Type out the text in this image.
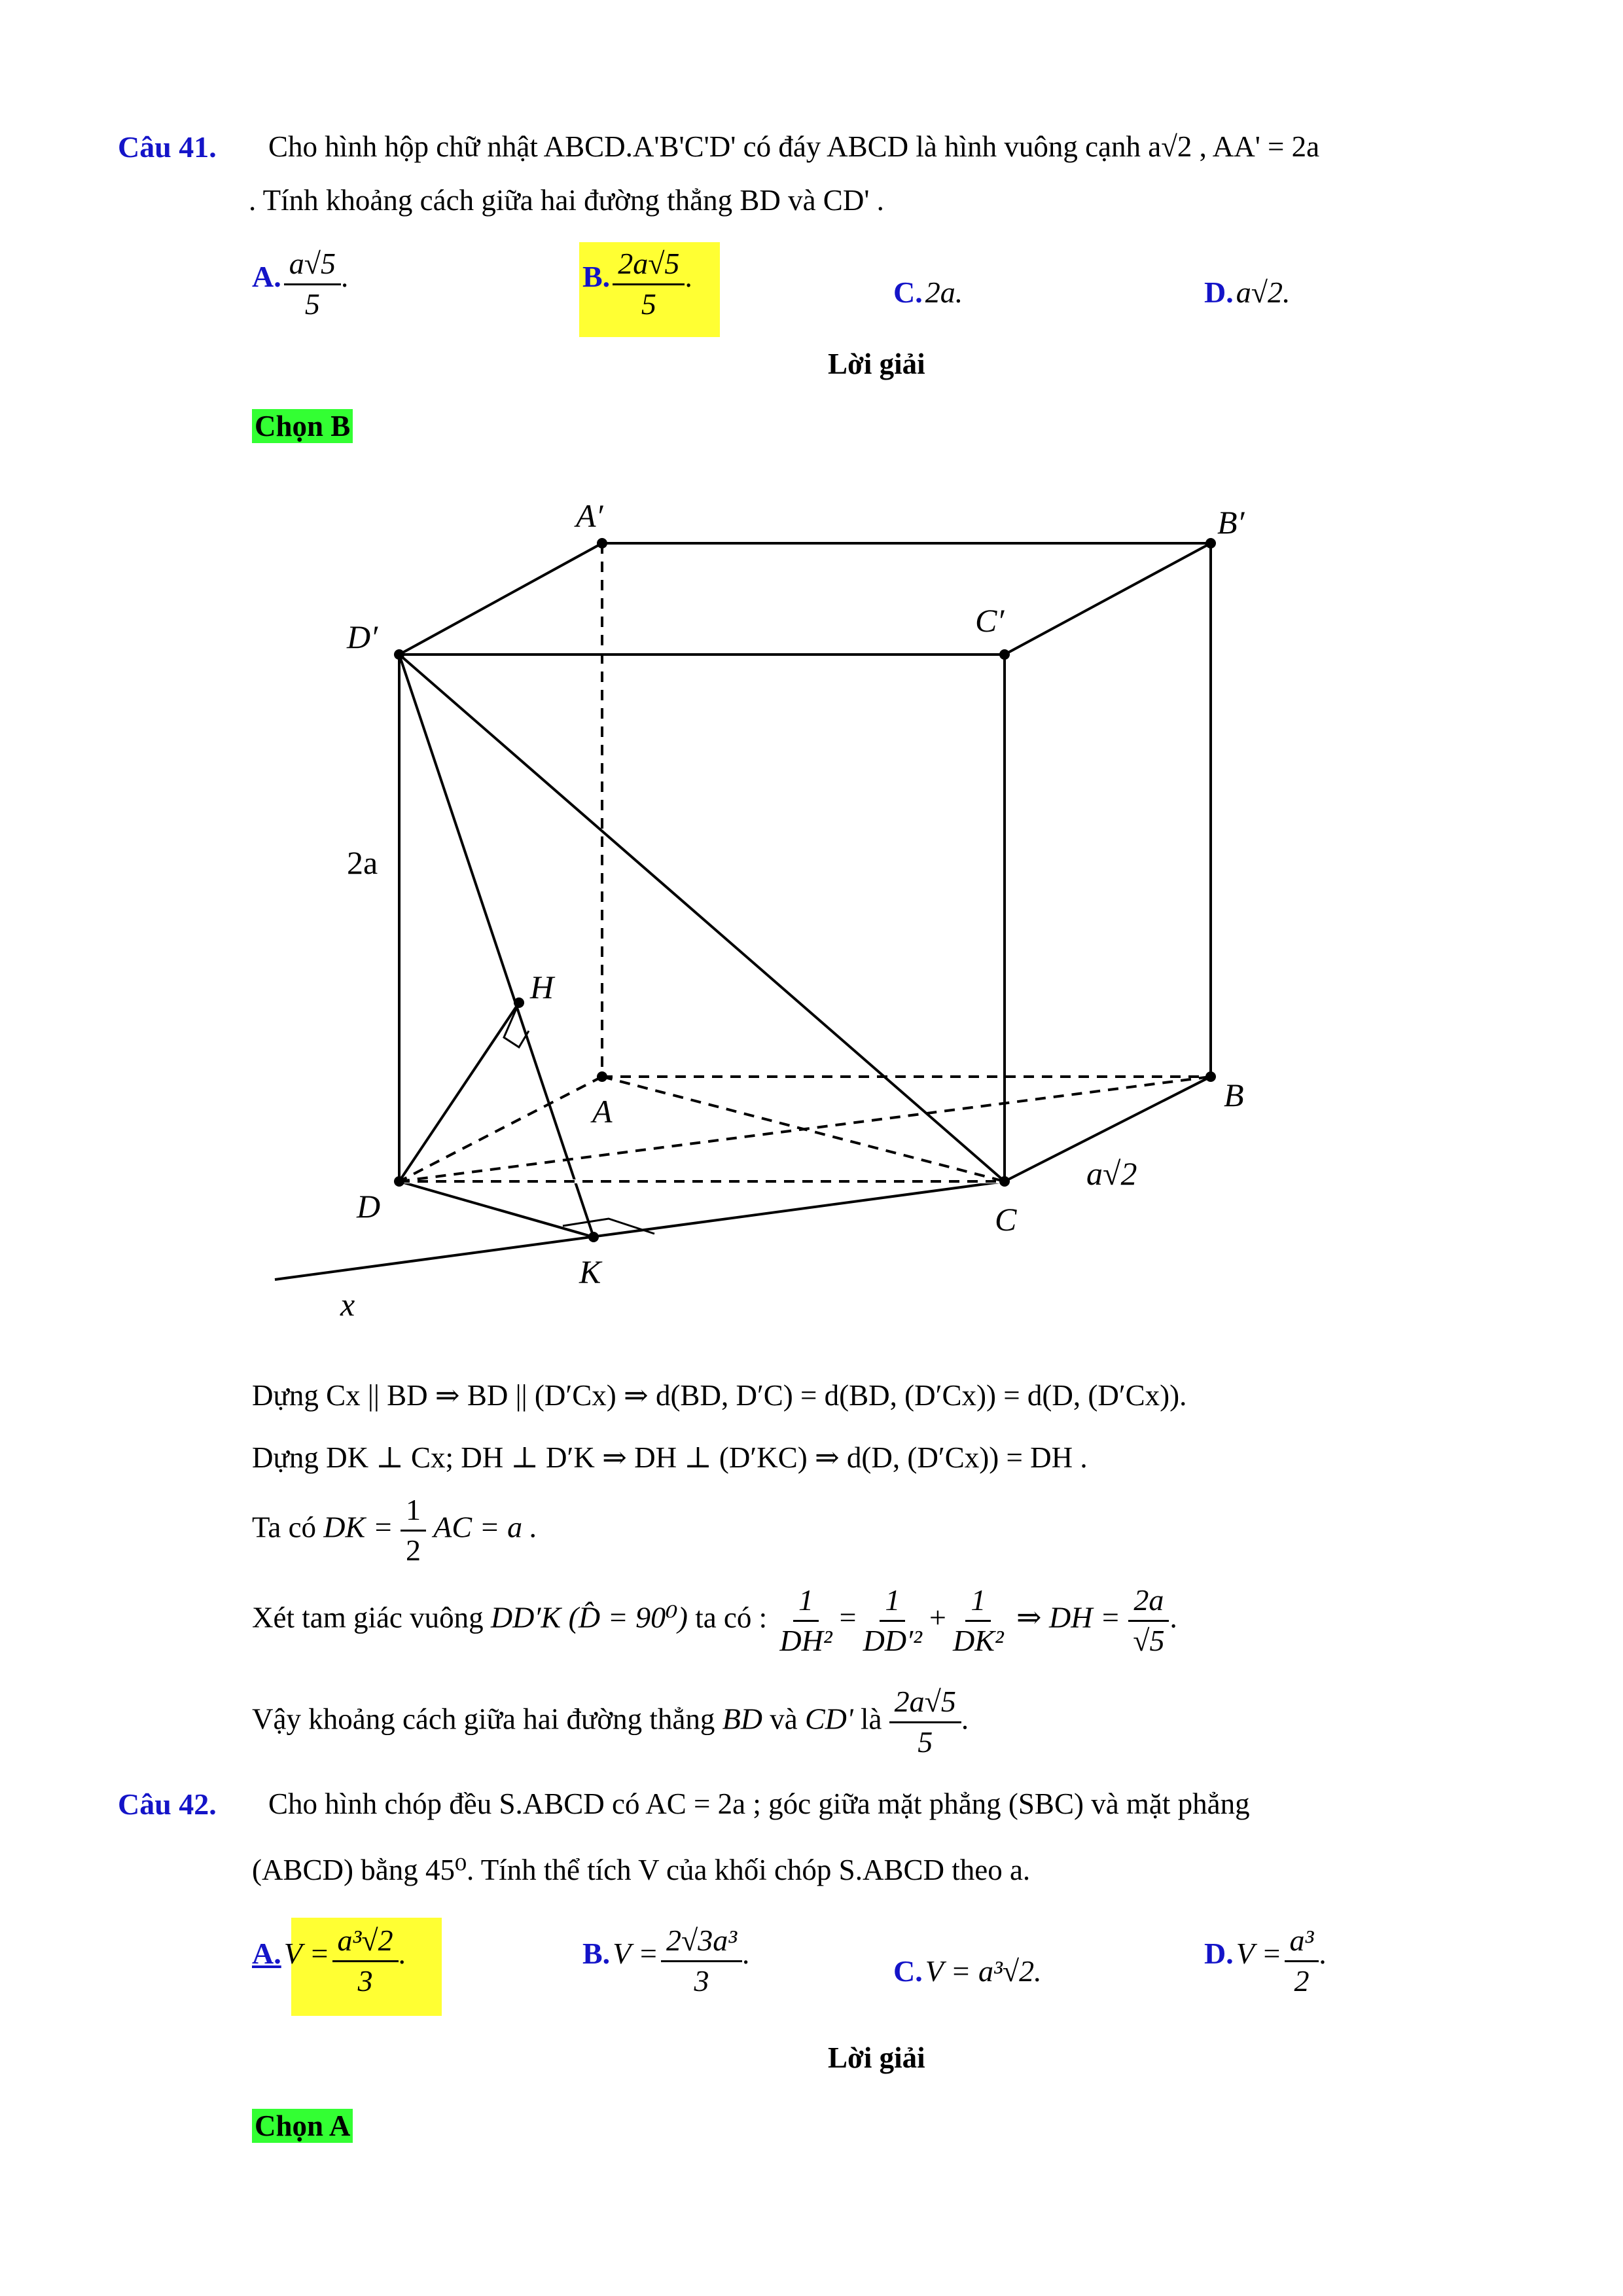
Câu 41. Cho hình hộp chữ nhật ABCD.A'B'C'D' có đáy ABCD là hình vuông cạnh a√2 , AA' = 2a
. Tính khoảng cách giữa hai đường thẳng BD và CD' .
A. $\frac{a√5}{5}$ .	B. $\frac{2a√5}{5}$ .	C. 2a.	D. a√2.
Lời giải
Chọn B
A′	B′
C′
D′
A	B
C
D
H
K
x
2a
a√2
Dựng Cx || BD ⇒ BD || (D′Cx) ⇒ d(BD, D′C) = d(BD, (D′Cx)) = d(D, (D′Cx)).
Dựng DK ⊥ Cx; DH ⊥ D′K ⇒ DH ⊥ (D′KC) ⇒ d(D, (D′Cx)) = DH .
Ta có DK = $\frac{1}{2}$ AC = a .
Xét tam giác vuông DD′K (D̂ = 90⁰) ta có : $\frac{1}{\text{DH²}} = \frac{1}{\text{DD′²}} + \frac{1}{\text{DK²}}$ ⇒ DH = $\frac{2a}{√5}$ .
Vậy khoảng cách giữa hai đường thẳng BD và CD' là $\frac{2a√5}{5}$ .
Câu 42. Cho hình chóp đều S.ABCD có AC = 2a ; góc giữa mặt phẳng (SBC) và mặt phẳng
(ABCD) bằng 45⁰. Tính thể tích V của khối chóp S.ABCD theo a.
A. $V = \frac{\text{a³√2}}{3}$ .	B. $V = \frac{\text{2√3a³}}{3}$ .
C. V = a³√2.
D. $V = \frac{\text{a³}}{2}$ .
Lời giải
Chọn A
